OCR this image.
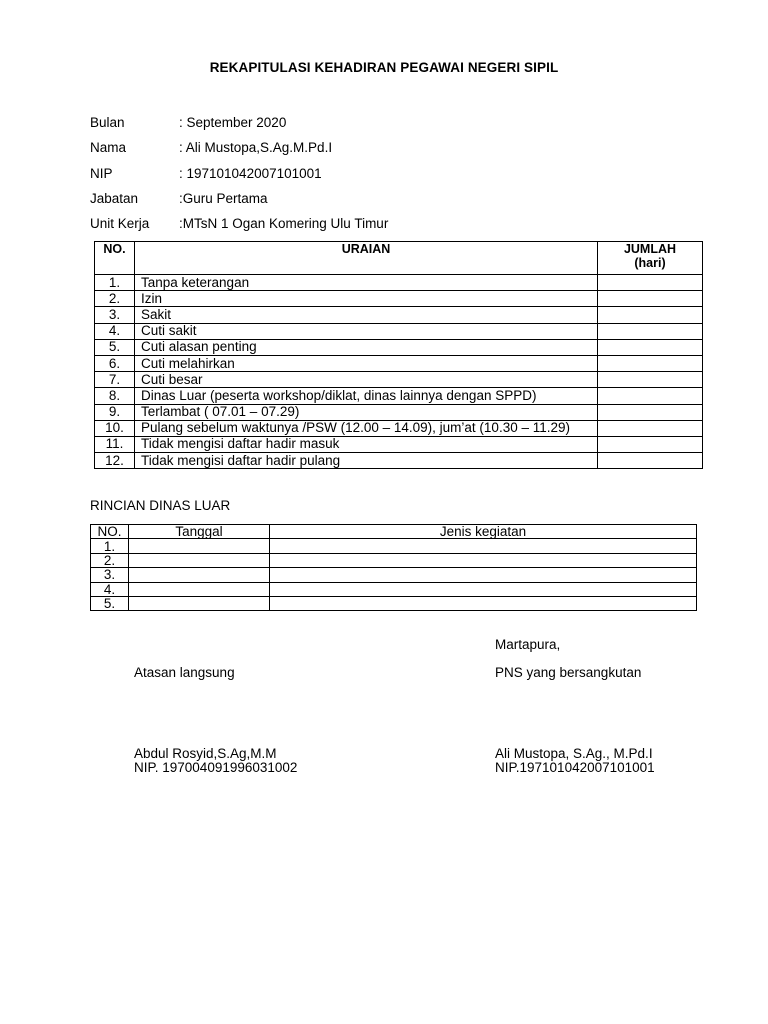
REKAPITULASI KEHADIRAN PEGAWAI NEGERI SIPIL
Bulan	: September 2020
Nama	: Ali Mustopa,S.Ag.M.Pd.I
NIP	: 197101042007101001
Jabatan	:Guru Pertama
Unit Kerja :MTsN 1 Ogan Komering Ulu Timur
NO.	URAIAN	JUMLAH
(hari)
1.	Tanpa keterangan	
2.	Izin	
3.	Sakit	
4.	Cuti sakit	
5.	Cuti alasan penting	
6.	Cuti melahirkan	
7.	Cuti besar	
8.	Dinas Luar (peserta workshop/diklat, dinas lainnya dengan SPPD)	
9.	Terlambat ( 07.01 – 07.29)	
10.	Pulang sebelum waktunya /PSW (12.00 – 14.09), jum’at (10.30 – 11.29)	
11.	Tidak mengisi daftar hadir masuk	
12.	Tidak mengisi daftar hadir pulang	
RINCIAN DINAS LUAR
NO.	Tanggal	Jenis kegiatan
1.		
2.		
3.		
4.		
5.		
Martapura,
Atasan langsung	PNS yang bersangkutan
Abdul Rosyid,S.Ag,M.M
NIP. 197004091996031002
Ali Mustopa, S.Ag., M.Pd.I
NIP.197101042007101001
